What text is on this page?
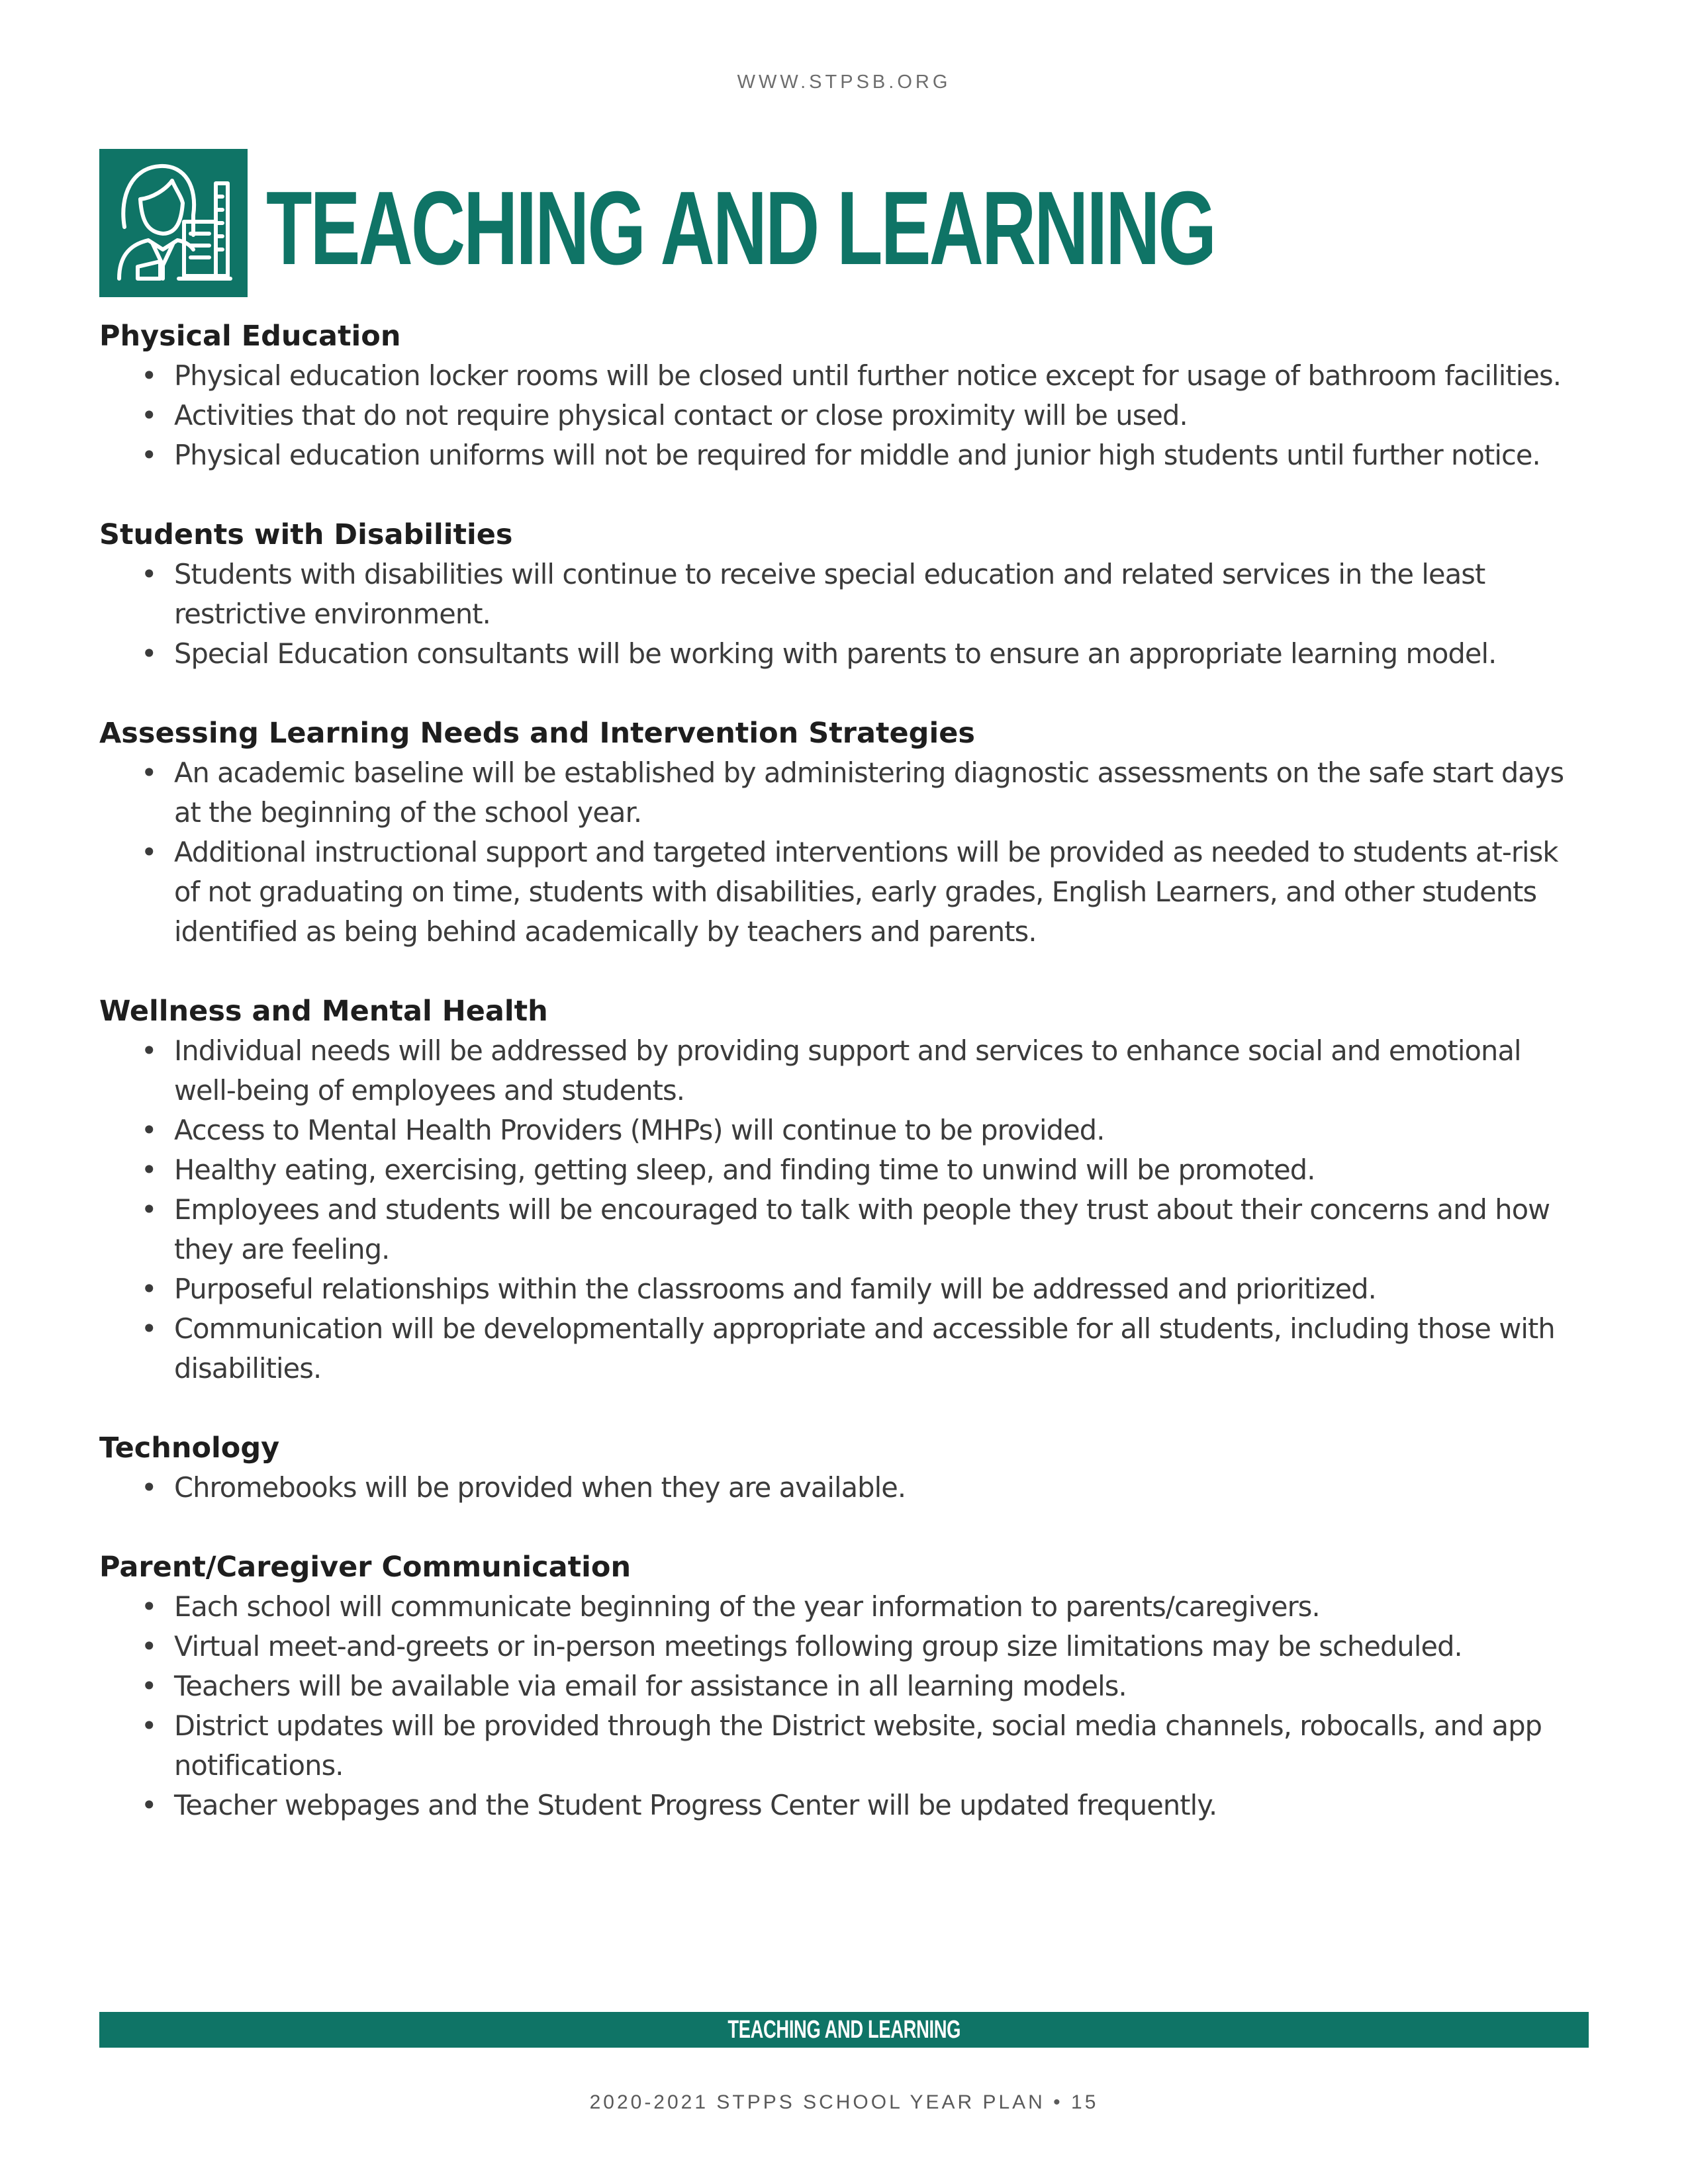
WWW.STPSB.ORG
TEACHING AND LEARNING
Physical Education
• Physical education locker rooms will be closed until further notice except for usage of bathroom facilities.
• Activities that do not require physical contact or close proximity will be used.
• Physical education uniforms will not be required for middle and junior high students until further notice.
Students with Disabilities
• Students with disabilities will continue to receive special education and related services in the least restrictive environment.
• Special Education consultants will be working with parents to ensure an appropriate learning model.
Assessing Learning Needs and Intervention Strategies
• An academic baseline will be established by administering diagnostic assessments on the safe start days at the beginning of the school year.
• Additional instructional support and targeted interventions will be provided as needed to students at-risk of not graduating on time, students with disabilities, early grades, English Learners, and other students identified as being behind academically by teachers and parents.
Wellness and Mental Health
• Individual needs will be addressed by providing support and services to enhance social and emotional well-being of employees and students.
• Access to Mental Health Providers (MHPs) will continue to be provided.
• Healthy eating, exercising, getting sleep, and finding time to unwind will be promoted.
• Employees and students will be encouraged to talk with people they trust about their concerns and how they are feeling.
• Purposeful relationships within the classrooms and family will be addressed and prioritized.
• Communication will be developmentally appropriate and accessible for all students, including those with disabilities.
Technology
• Chromebooks will be provided when they are available.
Parent/Caregiver Communication
• Each school will communicate beginning of the year information to parents/caregivers.
• Virtual meet-and-greets or in-person meetings following group size limitations may be scheduled.
• Teachers will be available via email for assistance in all learning models.
• District updates will be provided through the District website, social media channels, robocalls, and app notifications.
• Teacher webpages and the Student Progress Center will be updated frequently.
TEACHING AND LEARNING
2020-2021 STPPS SCHOOL YEAR PLAN • 15
